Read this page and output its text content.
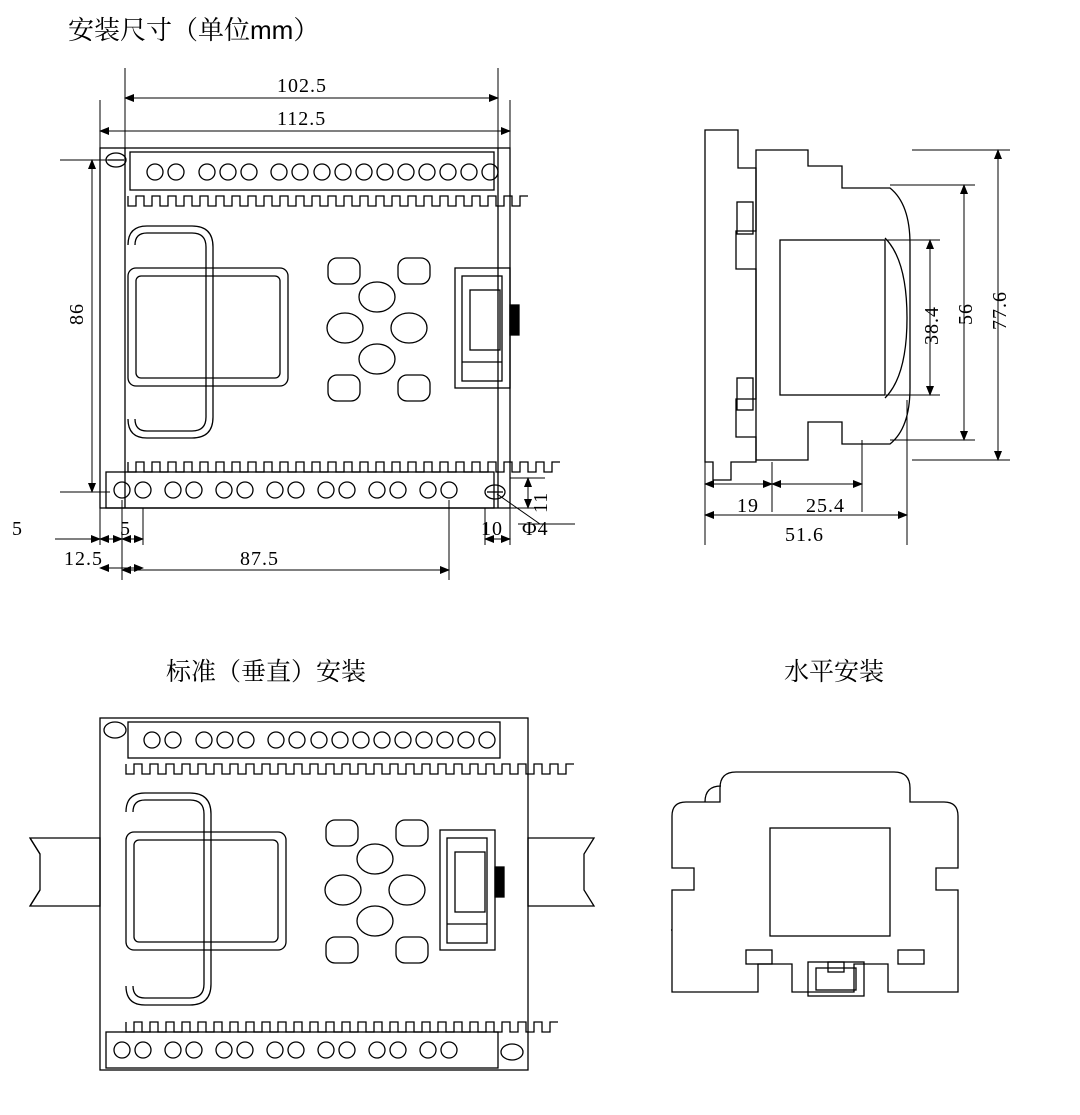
安装尺寸（单位mm）
标准（垂直）安装	水平安装
102.5
112.5
86
87.5
5	5
12.5
11
10 Φ4
77.6
56
38.4
19 25.4
51.6
